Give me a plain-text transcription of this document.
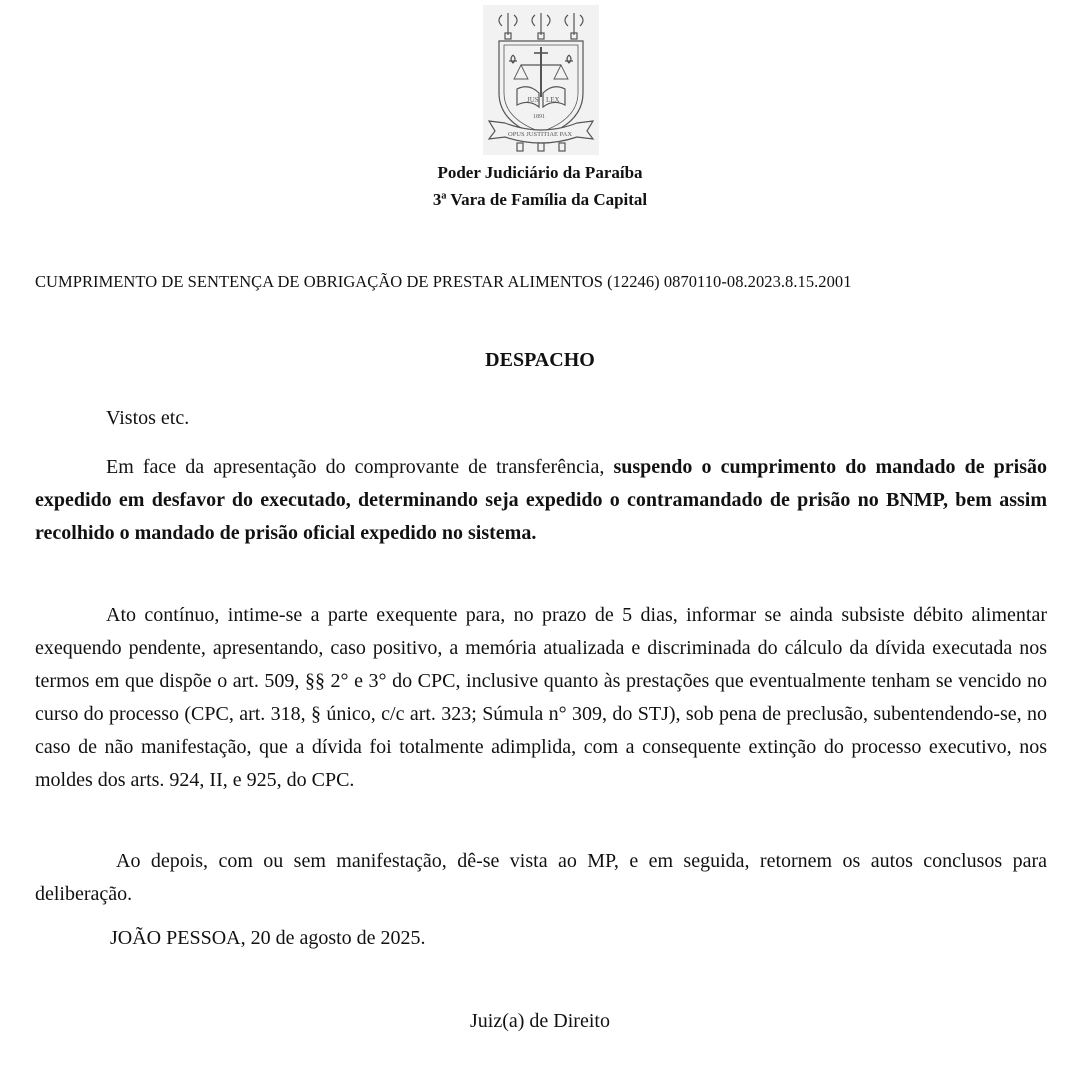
JUS LEX
1891
OPUS JUSTITIAE PAX
Poder Judiciário da Paraíba
3ª Vara de Família da Capital
CUMPRIMENTO DE SENTENÇA DE OBRIGAÇÃO DE PRESTAR ALIMENTOS (12246) 0870110-08.2023.8.15.2001
DESPACHO
Vistos etc.
Em face da apresentação do comprovante de transferência, suspendo o cumprimento do mandado de prisão expedido em desfavor do executado, determinando seja expedido o contramandado de prisão no BNMP, bem assim recolhido o mandado de prisão oficial expedido no sistema.
Ato contínuo, intime-se a parte exequente para, no prazo de 5 dias, informar se ainda subsiste débito alimentar exequendo pendente, apresentando, caso positivo, a memória atualizada e discriminada do cálculo da dívida executada nos termos em que dispõe o art. 509, §§ 2° e 3° do CPC, inclusive quanto às prestações que eventualmente tenham se vencido no curso do processo (CPC, art. 318, § único, c/c art. 323; Súmula n° 309, do STJ), sob pena de preclusão, subentendendo-se, no caso de não manifestação, que a dívida foi totalmente adimplida, com a consequente extinção do processo executivo, nos moldes dos arts. 924, II, e 925, do CPC.
Ao depois, com ou sem manifestação, dê-se vista ao MP, e em seguida, retornem os autos conclusos para deliberação.
JOÃO PESSOA, 20 de agosto de 2025.
Juiz(a) de Direito
